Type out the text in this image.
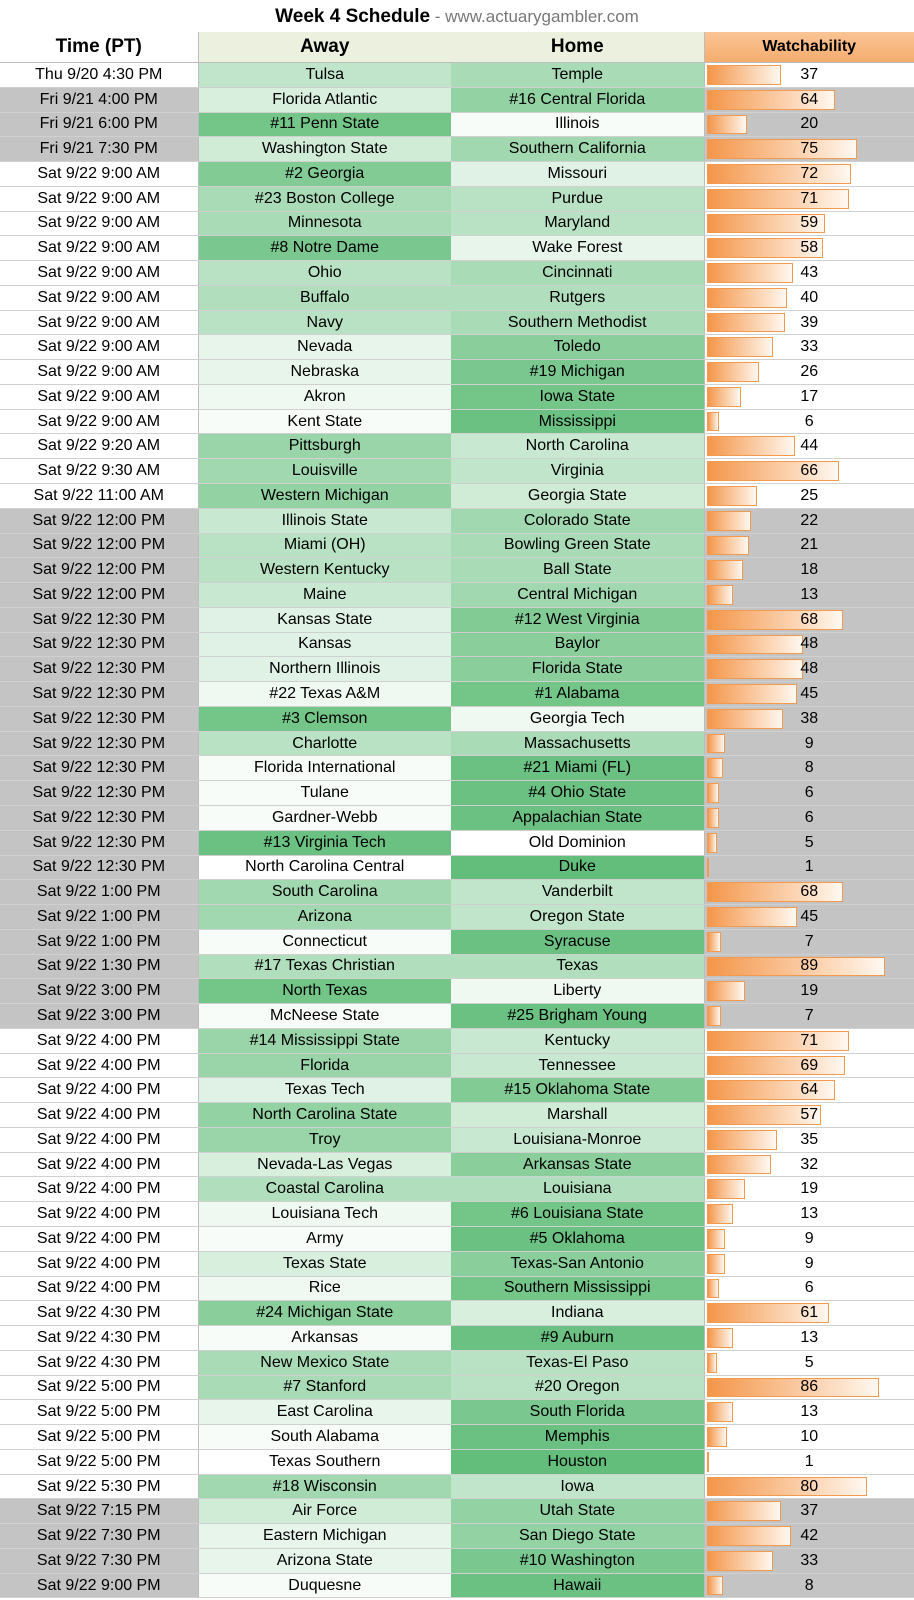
Week 4 Schedule - www.actuarygambler.com
Time (PT)	Away	Home	Watchability
Thu 9/20 4:30 PM	Tulsa	Temple	37
Fri 9/21 4:00 PM	Florida Atlantic	#16 Central Florida	64
Fri 9/21 6:00 PM	#11 Penn State	Illinois	20
Fri 9/21 7:30 PM	Washington State	Southern California	75
Sat 9/22 9:00 AM	#2 Georgia	Missouri	72
Sat 9/22 9:00 AM	#23 Boston College	Purdue	71
Sat 9/22 9:00 AM	Minnesota	Maryland	59
Sat 9/22 9:00 AM	#8 Notre Dame	Wake Forest	58
Sat 9/22 9:00 AM	Ohio	Cincinnati	43
Sat 9/22 9:00 AM	Buffalo	Rutgers	40
Sat 9/22 9:00 AM	Navy	Southern Methodist	39
Sat 9/22 9:00 AM	Nevada	Toledo	33
Sat 9/22 9:00 AM	Nebraska	#19 Michigan	26
Sat 9/22 9:00 AM	Akron	Iowa State	17
Sat 9/22 9:00 AM	Kent State	Mississippi	6
Sat 9/22 9:20 AM	Pittsburgh	North Carolina	44
Sat 9/22 9:30 AM	Louisville	Virginia	66
Sat 9/22 11:00 AM	Western Michigan	Georgia State	25
Sat 9/22 12:00 PM	Illinois State	Colorado State	22
Sat 9/22 12:00 PM	Miami (OH)	Bowling Green State	21
Sat 9/22 12:00 PM	Western Kentucky	Ball State	18
Sat 9/22 12:00 PM	Maine	Central Michigan	13
Sat 9/22 12:30 PM	Kansas State	#12 West Virginia	68
Sat 9/22 12:30 PM	Kansas	Baylor	48
Sat 9/22 12:30 PM	Northern Illinois	Florida State	48
Sat 9/22 12:30 PM	#22 Texas A&M	#1 Alabama	45
Sat 9/22 12:30 PM	#3 Clemson	Georgia Tech	38
Sat 9/22 12:30 PM	Charlotte	Massachusetts	9
Sat 9/22 12:30 PM	Florida International	#21 Miami (FL)	8
Sat 9/22 12:30 PM	Tulane	#4 Ohio State	6
Sat 9/22 12:30 PM	Gardner-Webb	Appalachian State	6
Sat 9/22 12:30 PM	#13 Virginia Tech	Old Dominion	5
Sat 9/22 12:30 PM	North Carolina Central	Duke	1
Sat 9/22 1:00 PM	South Carolina	Vanderbilt	68
Sat 9/22 1:00 PM	Arizona	Oregon State	45
Sat 9/22 1:00 PM	Connecticut	Syracuse	7
Sat 9/22 1:30 PM	#17 Texas Christian	Texas	89
Sat 9/22 3:00 PM	North Texas	Liberty	19
Sat 9/22 3:00 PM	McNeese State	#25 Brigham Young	7
Sat 9/22 4:00 PM	#14 Mississippi State	Kentucky	71
Sat 9/22 4:00 PM	Florida	Tennessee	69
Sat 9/22 4:00 PM	Texas Tech	#15 Oklahoma State	64
Sat 9/22 4:00 PM	North Carolina State	Marshall	57
Sat 9/22 4:00 PM	Troy	Louisiana-Monroe	35
Sat 9/22 4:00 PM	Nevada-Las Vegas	Arkansas State	32
Sat 9/22 4:00 PM	Coastal Carolina	Louisiana	19
Sat 9/22 4:00 PM	Louisiana Tech	#6 Louisiana State	13
Sat 9/22 4:00 PM	Army	#5 Oklahoma	9
Sat 9/22 4:00 PM	Texas State	Texas-San Antonio	9
Sat 9/22 4:00 PM	Rice	Southern Mississippi	6
Sat 9/22 4:30 PM	#24 Michigan State	Indiana	61
Sat 9/22 4:30 PM	Arkansas	#9 Auburn	13
Sat 9/22 4:30 PM	New Mexico State	Texas-El Paso	5
Sat 9/22 5:00 PM	#7 Stanford	#20 Oregon	86
Sat 9/22 5:00 PM	East Carolina	South Florida	13
Sat 9/22 5:00 PM	South Alabama	Memphis	10
Sat 9/22 5:00 PM	Texas Southern	Houston	1
Sat 9/22 5:30 PM	#18 Wisconsin	Iowa	80
Sat 9/22 7:15 PM	Air Force	Utah State	37
Sat 9/22 7:30 PM	Eastern Michigan	San Diego State	42
Sat 9/22 7:30 PM	Arizona State	#10 Washington	33
Sat 9/22 9:00 PM	Duquesne	Hawaii	8
